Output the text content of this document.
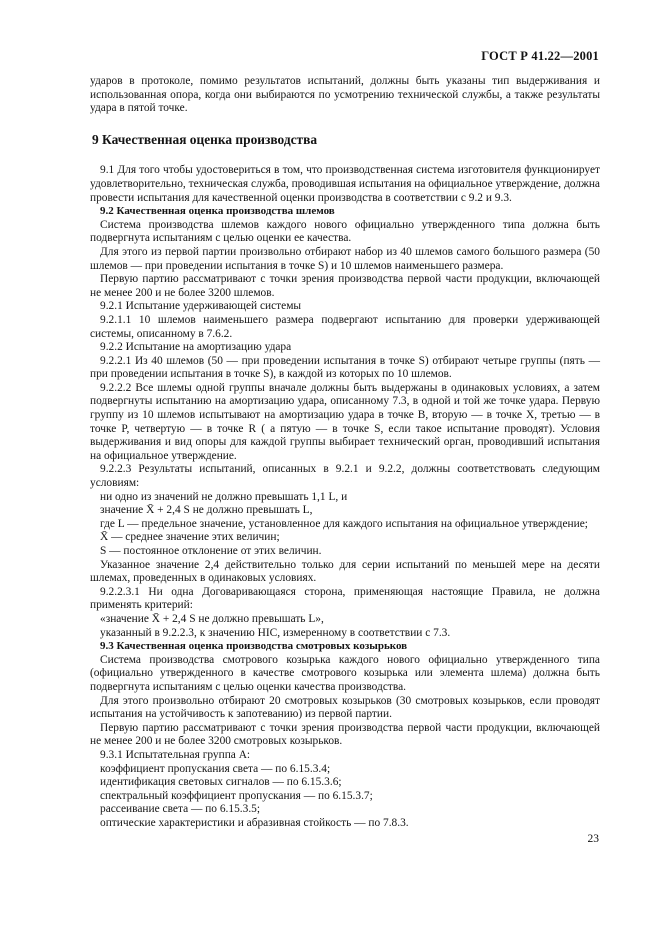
ГОСТ Р 41.22—2001

ударов в протоколе, помимо результатов испытаний, должны быть указаны тип выдерживания и использованная опора, когда они выбираются по усмотрению технической службы, а также результаты удара в пятой точке.

9 Качественная оценка производства

9.1 Для того чтобы удостовериться в том, что производственная система изготовителя функционирует удовлетворительно, техническая служба, проводившая испытания на официальное утверждение, должна провести испытания для качественной оценки производства в соответствии с 9.2 и 9.3.

9.2 Качественная оценка производства шлемов

Система производства шлемов каждого нового официально утвержденного типа должна быть подвергнута испытаниям с целью оценки ее качества.

Для этого из первой партии произвольно отбирают набор из 40 шлемов самого большого размера (50 шлемов — при проведении испытания в точке S) и 10 шлемов наименьшего размера.

Первую партию рассматривают с точки зрения производства первой части продукции, включающей не менее 200 и не более 3200 шлемов.

9.2.1 Испытание удерживающей системы

9.2.1.1 10 шлемов наименьшего размера подвергают испытанию для проверки удерживающей системы, описанному в 7.6.2.

9.2.2 Испытание на амортизацию удара

9.2.2.1 Из 40 шлемов (50 — при проведении испытания в точке S) отбирают четыре группы (пять — при проведении испытания в точке S), в каждой из которых по 10 шлемов.

9.2.2.2 Все шлемы одной группы вначале должны быть выдержаны в одинаковых условиях, а затем подвергнуты испытанию на амортизацию удара, описанному 7.3, в одной и той же точке удара. Первую группу из 10 шлемов испытывают на амортизацию удара в точке B, вторую — в точке X, третью — в точке P, четвертую — в точке R ( а пятую — в точке S, если такое испытание проводят). Условия выдерживания и вид опоры для каждой группы выбирает технический орган, проводивший испытания на официальное утверждение.

9.2.2.3 Результаты испытаний, описанных в 9.2.1 и 9.2.2, должны соответствовать следующим условиям:

ни одно из значений не должно превышать 1,1 L, и

значение X̄ + 2,4 S не должно превышать L,

где L — предельное значение, установленное для каждого испытания на официальное утверждение;

X̄ — среднее значение этих величин;

S — постоянное отклонение от этих величин.

Указанное значение 2,4 действительно только для серии испытаний по меньшей мере на десяти шлемах, проведенных в одинаковых условиях.

9.2.2.3.1 Ни одна Договаривающаяся сторона, применяющая настоящие Правила, не должна применять критерий:

«значение X̄ + 2,4 S не должно превышать L»,

указанный в 9.2.2.3, к значению HIC, измеренному в соответствии с 7.3.

9.3 Качественная оценка производства смотровых козырьков

Система производства смотрового козырька каждого нового официально утвержденного типа (официально утвержденного в качестве смотрового козырька или элемента шлема) должна быть подвергнута испытаниям с целью оценки качества производства.

Для этого произвольно отбирают 20 смотровых козырьков (30 смотровых козырьков, если проводят испытания на устойчивость к запотеванию) из первой партии.

Первую партию рассматривают с точки зрения производства первой части продукции, включающей не менее 200 и не более 3200 смотровых козырьков.

9.3.1 Испытательная группа А:

коэффициент пропускания света — по 6.15.3.4;

идентификация световых сигналов — по 6.15.3.6;

спектральный коэффициент пропускания — по 6.15.3.7;

рассеивание света — по 6.15.3.5;

оптические характеристики и абразивная стойкость — по 7.8.3.

23
